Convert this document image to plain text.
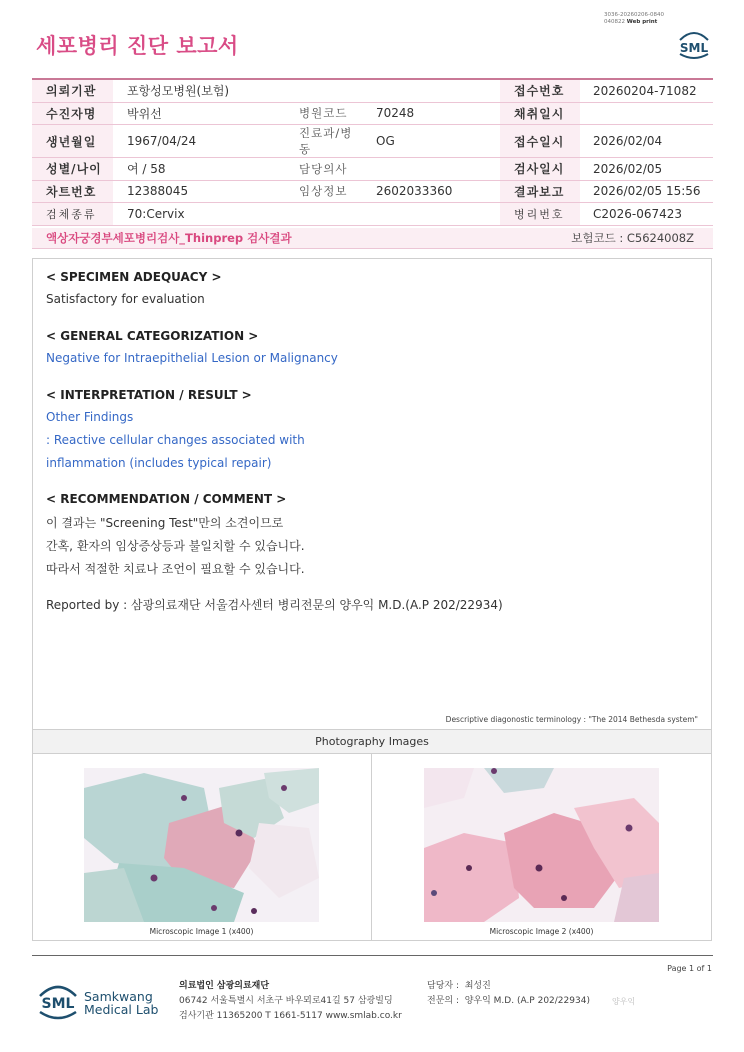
세포병리 진단 보고서
3036-20260206-0840
040822 Web print
SML
의뢰기관	포항성모병원(보험)			접수번호	20260204-71082
수진자명	박위선	병원코드	70248	채취일시	
생년월일	1967/04/24	진료과/병동	OG	접수일시	2026/02/04
성별/나이	여 / 58	담당의사		검사일시	2026/02/05
차트번호	12388045	임상정보	2602033360	결과보고	2026/02/05 15:56
검체종류	70:Cervix			병리번호	C2026-067423
액상자궁경부세포병리검사_Thinprep 검사결과	보험코드 : C5624008Z
< SPECIMEN ADEQUACY >
Satisfactory for evaluation
< GENERAL CATEGORIZATION >
Negative for Intraepithelial Lesion or Malignancy
< INTERPRETATION / RESULT >
Other Findings
: Reactive cellular changes associated with
inflammation (includes typical repair)
< RECOMMENDATION / COMMENT >
이 결과는 "Screening Test"만의 소견이므로
간혹, 환자의 임상증상등과 불일치할 수 있습니다.
따라서 적절한 치료나 조언이 필요할 수 있습니다.
Reported by : 삼광의료재단 서울검사센터 병리전문의 양우익 M.D.(A.P 202/22934)
Descriptive diagonostic terminology : "The 2014 Bethesda system"
Photography Images
Microscopic Image 1 (x400)	Microscopic Image 2 (x400)
Page 1 of 1
SML Samkwang
Medical Lab
의료법인 삼광의료재단
06742 서울특별시 서초구 바우뫼로41길 57 삼광빌딩
검사기관 11365200 T 1661-5117 www.smlab.co.kr
담당자 : 최성진
전문의 : 양우익 M.D. (A.P 202/22934)	양우익
